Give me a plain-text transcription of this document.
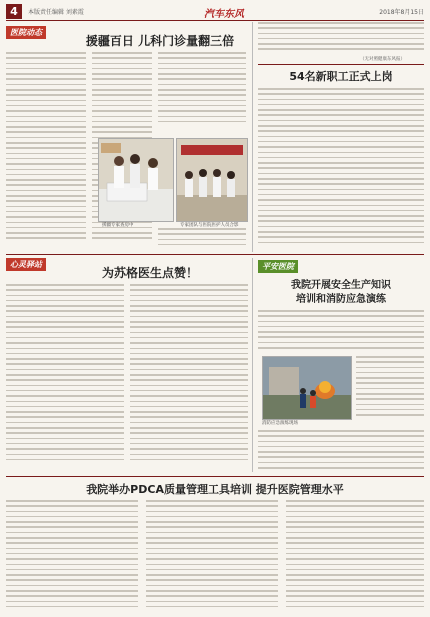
4	本版责任编辑 刘素霞	汽车东风	2018年8月15日
医院动态
援疆百日 儿科门诊量翻三倍
援疆专家查房中	专家团队与医院医护人员合影
（无对照健康东风报）
54名新职工正式上岗
心灵驿站
为苏格医生点赞！	平安医院
我院开展安全生产知识
培训和消防应急演练
消防应急演练现场
我院举办PDCA质量管理工具培训 提升医院管理水平
